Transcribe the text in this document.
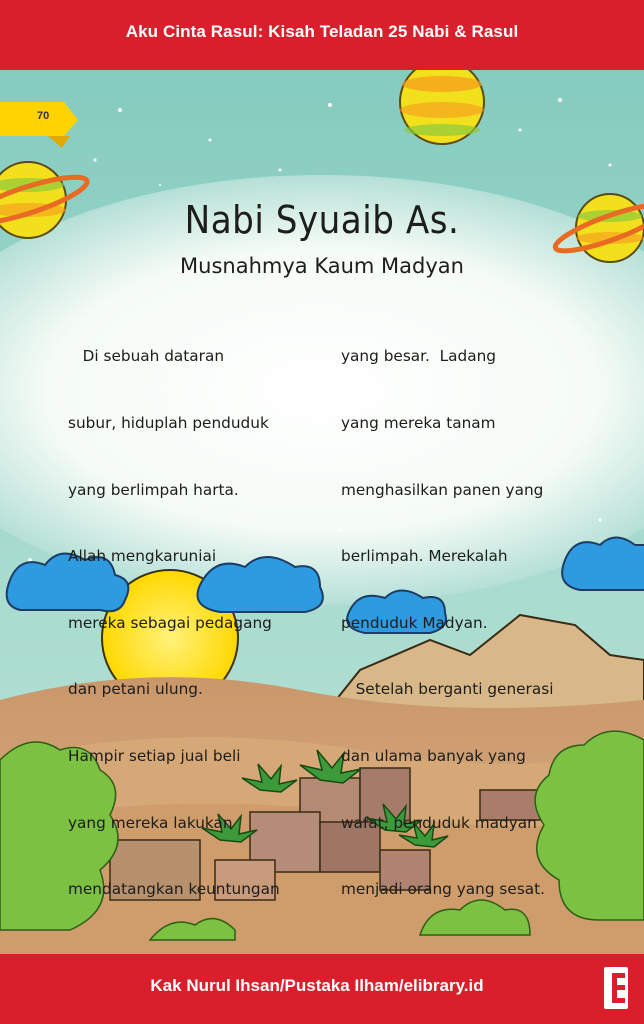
70
Aku Cinta Rasul: Kisah Teladan 25 Nabi & Rasul
Nabi Syuaib As.
Musnahmya Kaum Madyan

Di sebuah dataran

subur, hiduplah penduduk

yang berlimpah harta.

Allah mengkaruniai

mereka sebagai pedagang

dan petani ulung.

Hampir setiap jual beli

yang mereka lakukan

mendatangkan keuntungan

yang besar.  Ladang

yang mereka tanam

menghasilkan panen yang

berlimpah. Merekalah

penduduk Madyan.

Setelah berganti generasi

dan ulama banyak yang

wafat, penduduk madyan

menjadi orang yang sesat.

Kak Nurul Ihsan/Pustaka Ilham/elibrary.id
